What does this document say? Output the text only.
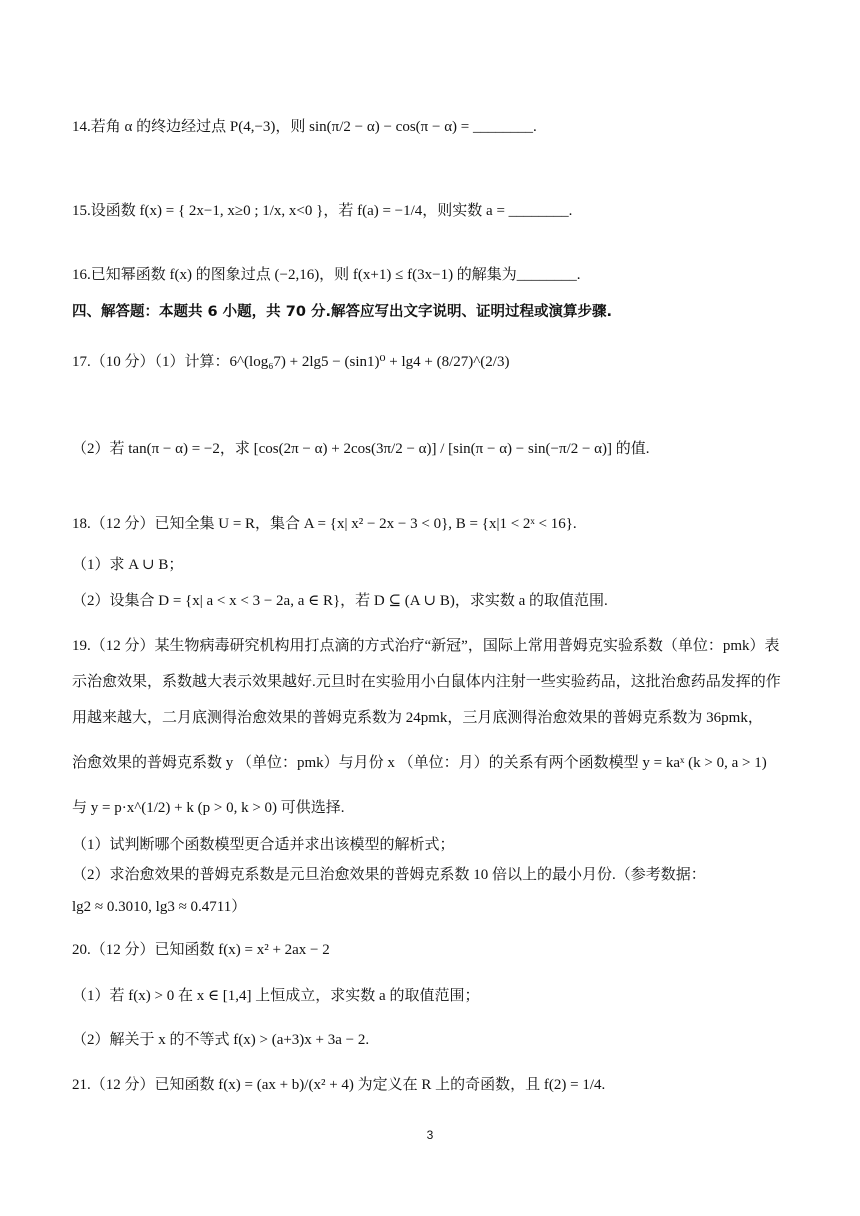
14.若角 α 的终边经过点 P(4,−3)，则 sin(π/2 − α) − cos(π − α) = ________.
15.设函数 f(x) = { 2x−1, x≥0 ; 1/x, x<0 }，若 f(a) = −1/4，则实数 a = ________.
16.已知幂函数 f(x) 的图象过点 (−2,16)，则 f(x+1) ≤ f(3x−1) 的解集为________.
四、解答题：本题共 6 小题，共 70 分.解答应写出文字说明、证明过程或演算步骤.
17.（10 分）（1）计算：6^(log₆7) + 2lg5 − (sin1)⁰ + lg4 + (8/27)^(2/3)
（2）若 tan(π − α) = −2，求 [cos(2π − α) + 2cos(3π/2 − α)] / [sin(π − α) − sin(−π/2 − α)] 的值.
18.（12 分）已知全集 U = R，集合 A = {x| x² − 2x − 3 < 0}, B = {x|1 < 2ˣ < 16}.
（1）求 A ∪ B；
（2）设集合 D = {x| a < x < 3 − 2a, a ∈ R}，若 D ⊆ (A ∪ B)，求实数 a 的取值范围.
19.（12 分）某生物病毒研究机构用打点滴的方式治疗“新冠”，国际上常用普姆克实验系数（单位：pmk）表
示治愈效果，系数越大表示效果越好.元旦时在实验用小白鼠体内注射一些实验药品，这批治愈药品发挥的作
用越来越大，二月底测得治愈效果的普姆克系数为 24pmk，三月底测得治愈效果的普姆克系数为 36pmk，
治愈效果的普姆克系数 y （单位：pmk）与月份 x （单位：月）的关系有两个函数模型 y = kaˣ (k > 0, a > 1)
与 y = p·x^(1/2) + k (p > 0, k > 0) 可供选择.
（1）试判断哪个函数模型更合适并求出该模型的解析式；
（2）求治愈效果的普姆克系数是元旦治愈效果的普姆克系数 10 倍以上的最小月份.（参考数据：
lg2 ≈ 0.3010, lg3 ≈ 0.4711）
20.（12 分）已知函数 f(x) = x² + 2ax − 2
（1）若 f(x) > 0 在 x ∈ [1,4] 上恒成立，求实数 a 的取值范围；
（2）解关于 x 的不等式 f(x) > (a+3)x + 3a − 2.
21.（12 分）已知函数 f(x) = (ax + b)/(x² + 4) 为定义在 R 上的奇函数，且 f(2) = 1/4.
3
